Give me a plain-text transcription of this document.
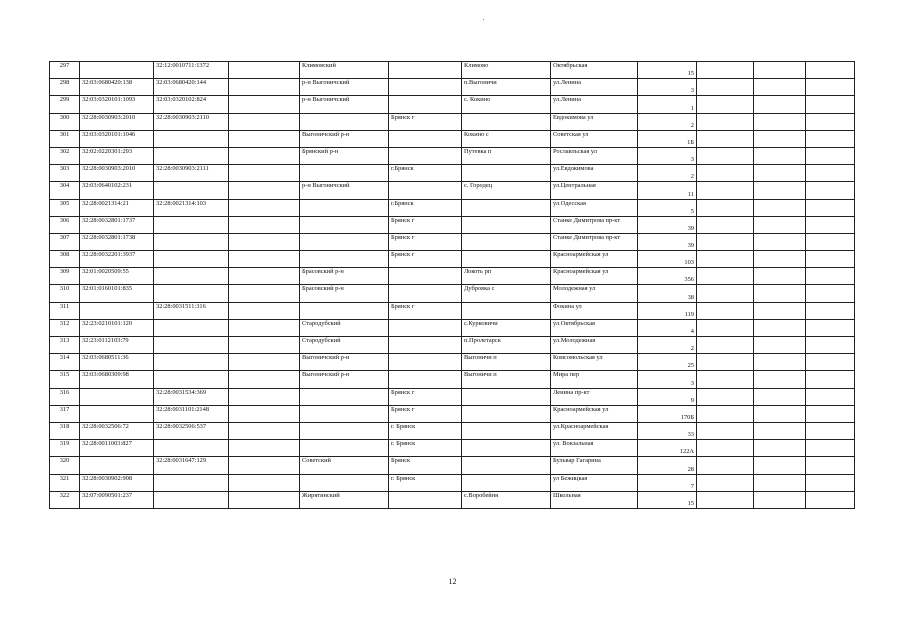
297		32:12:0010711:1372		Климовский		Климово	Октябрьская	15			
298	32:03:0680420:138	32:03:0680420:144		р-н Выгоничский		п.Выгоничи	ул.Ленина	3			
299	32:03:0320101:1093	32:03:0320102:824		р-н Выгоничский		с. Кокино	ул.Ленина	1			
300	32:28:0030903:2010	32:28:0030903:2110			Брянск г		Евдокимова ул	2			
301	32:03:0320101:1046			Выгоничский р-н		Кокино с	Советская ул	1Б			
302	32:02:0220301:293			Брянский р-н		Путевка п	Рославльская ул	3			
303	32:28:0030903:2010	32:28:0030903:2111			г.Брянск		ул.Евдокимова	2			
304	32:03:0640102:231			р-н Выгоничский		с. Городец	ул.Центральная	11			
305	32:28:0021314:21	32:28:0021314:103			г.Брянск		ул.Одесская	5			
306	32:28:0032801:1737				Брянск г		Станке Димитрова пр-кт	39			
307	32:28:0032801:1738				Брянск г		Станке Димитрова пр-кт	39			
308	32:28:0032201:3937				Брянск г		Красноармейская ул	103			
309	32:01:0020509:55			Брасовский р-н		Локоть рп	Красноармейская ул	356			
310	32:01:0160101:835			Брасовский р-н		Дубровка с	Молодежная ул	38			
311		32:28:0031511:316			Брянск г		Фокина ул	119			
312	32:23:0210101:120			Стародубский		с.Курковичи	ул.Октябрьская	4			
313	32:23:0112103:79			Стародубский		п.Пролетарск	ул.Молодежная	2			
314	32:03:0680511:36			Выгоничский р-н		Выгоничи п	Комсомольская ул	25			
315	32:03:0680309:98			Выгоничский р-н		Выгоничи п	Мира пер	3			
316		32:28:0031534:369			Брянск г		Ленина пр-кт	9			
317		32:28:0031101:2148			Брянск г		Красноармейская ул	170Б			
318	32:28:0032506:72	32:28:0032506:537			г. Брянск		ул.Красноармейская	33			
319	32:28:0011003:827				г. Брянск		ул. Вокзальная	122А			
320		32:28:0031647:129		Советский	Брянск		Бульвар Гагарина	28			
321	32:28:0030902:908				г. Брянск		ул Бежицкая	7			
322	32:07:0090501:237			Жирятинский		с.Воробейня	Школьная	15			
12
